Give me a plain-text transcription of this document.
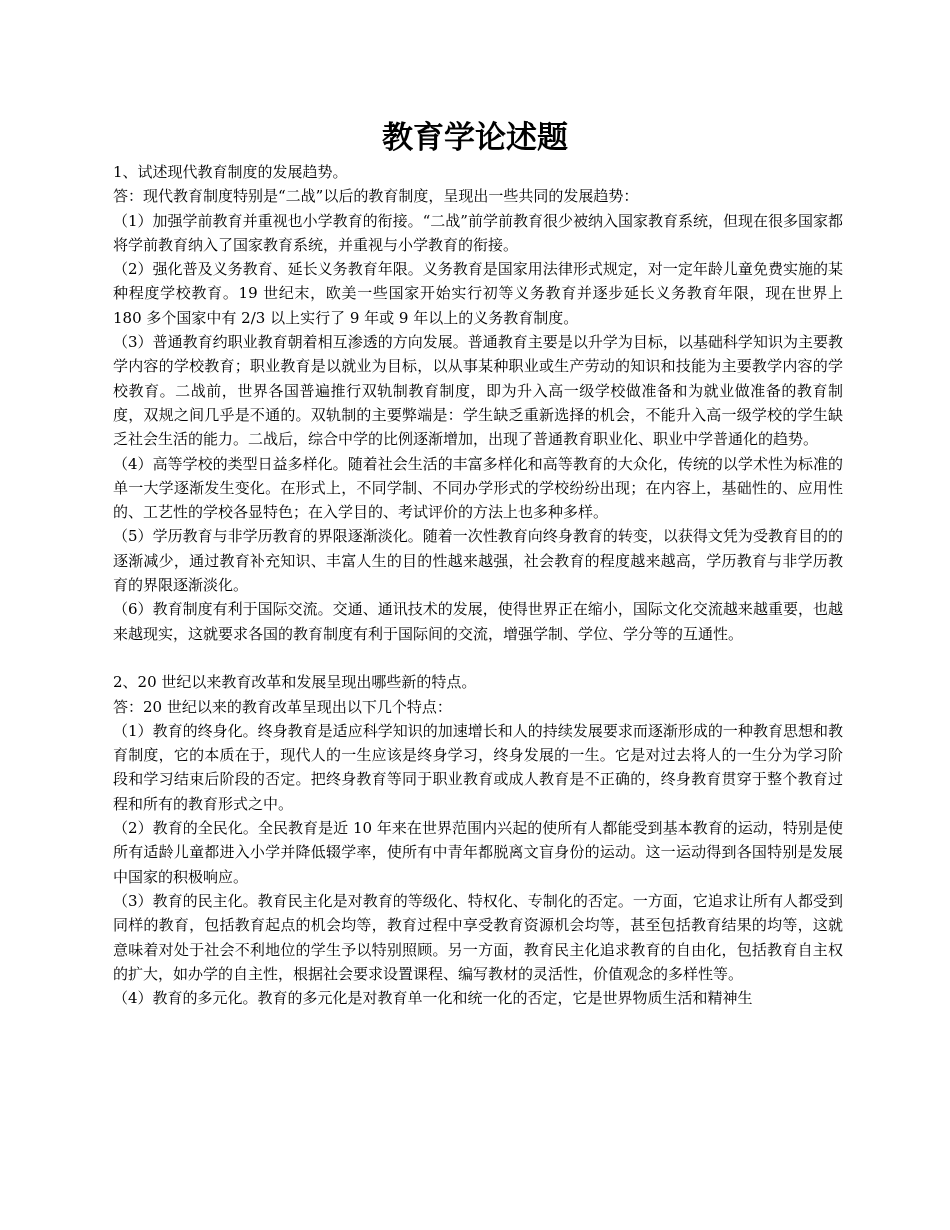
教育学论述题

1、试述现代教育制度的发展趋势。

答：现代教育制度特别是“二战”以后的教育制度，呈现出一些共同的发展趋势：

（1）加强学前教育并重视也小学教育的衔接。“二战”前学前教育很少被纳入国家教育系统，但现在很多国家都将学前教育纳入了国家教育系统，并重视与小学教育的衔接。

（2）强化普及义务教育、延长义务教育年限。义务教育是国家用法律形式规定，对一定年龄儿童免费实施的某种程度学校教育。19 世纪末，欧美一些国家开始实行初等义务教育并逐步延长义务教育年限，现在世界上 180 多个国家中有 2/3 以上实行了 9 年或 9 年以上的义务教育制度。

（3）普通教育约职业教育朝着相互渗透的方向发展。普通教育主要是以升学为目标，以基础科学知识为主要教学内容的学校教育；职业教育是以就业为目标，以从事某种职业或生产劳动的知识和技能为主要教学内容的学校教育。二战前，世界各国普遍推行双轨制教育制度，即为升入高一级学校做准备和为就业做准备的教育制度，双规之间几乎是不通的。双轨制的主要弊端是：学生缺乏重新选择的机会，不能升入高一级学校的学生缺乏社会生活的能力。二战后，综合中学的比例逐渐增加，出现了普通教育职业化、职业中学普通化的趋势。

（4）高等学校的类型日益多样化。随着社会生活的丰富多样化和高等教育的大众化，传统的以学术性为标准的单一大学逐渐发生变化。在形式上，不同学制、不同办学形式的学校纷纷出现；在内容上，基础性的、应用性的、工艺性的学校各显特色；在入学目的、考试评价的方法上也多种多样。

（5）学历教育与非学历教育的界限逐渐淡化。随着一次性教育向终身教育的转变，以获得文凭为受教育目的的逐渐减少，通过教育补充知识、丰富人生的目的性越来越强，社会教育的程度越来越高，学历教育与非学历教育的界限逐渐淡化。

（6）教育制度有利于国际交流。交通、通讯技术的发展，使得世界正在缩小，国际文化交流越来越重要，也越来越现实，这就要求各国的教育制度有利于国际间的交流，增强学制、学位、学分等的互通性。

2、20 世纪以来教育改革和发展呈现出哪些新的特点。

答：20 世纪以来的教育改革呈现出以下几个特点：

（1）教育的终身化。终身教育是适应科学知识的加速增长和人的持续发展要求而逐渐形成的一种教育思想和教育制度，它的本质在于，现代人的一生应该是终身学习，终身发展的一生。它是对过去将人的一生分为学习阶段和学习结束后阶段的否定。把终身教育等同于职业教育或成人教育是不正确的，终身教育贯穿于整个教育过程和所有的教育形式之中。

（2）教育的全民化。全民教育是近 10 年来在世界范围内兴起的使所有人都能受到基本教育的运动，特别是使所有适龄儿童都进入小学并降低辍学率，使所有中青年都脱离文盲身份的运动。这一运动得到各国特别是发展中国家的积极响应。

（3）教育的民主化。教育民主化是对教育的等级化、特权化、专制化的否定。一方面，它追求让所有人都受到同样的教育，包括教育起点的机会均等，教育过程中享受教育资源机会均等，甚至包括教育结果的均等，这就意味着对处于社会不利地位的学生予以特别照顾。另一方面，教育民主化追求教育的自由化，包括教育自主权的扩大，如办学的自主性，根据社会要求设置课程、编写教材的灵活性，价值观念的多样性等。

（4）教育的多元化。教育的多元化是对教育单一化和统一化的否定，它是世界物质生活和精神生
